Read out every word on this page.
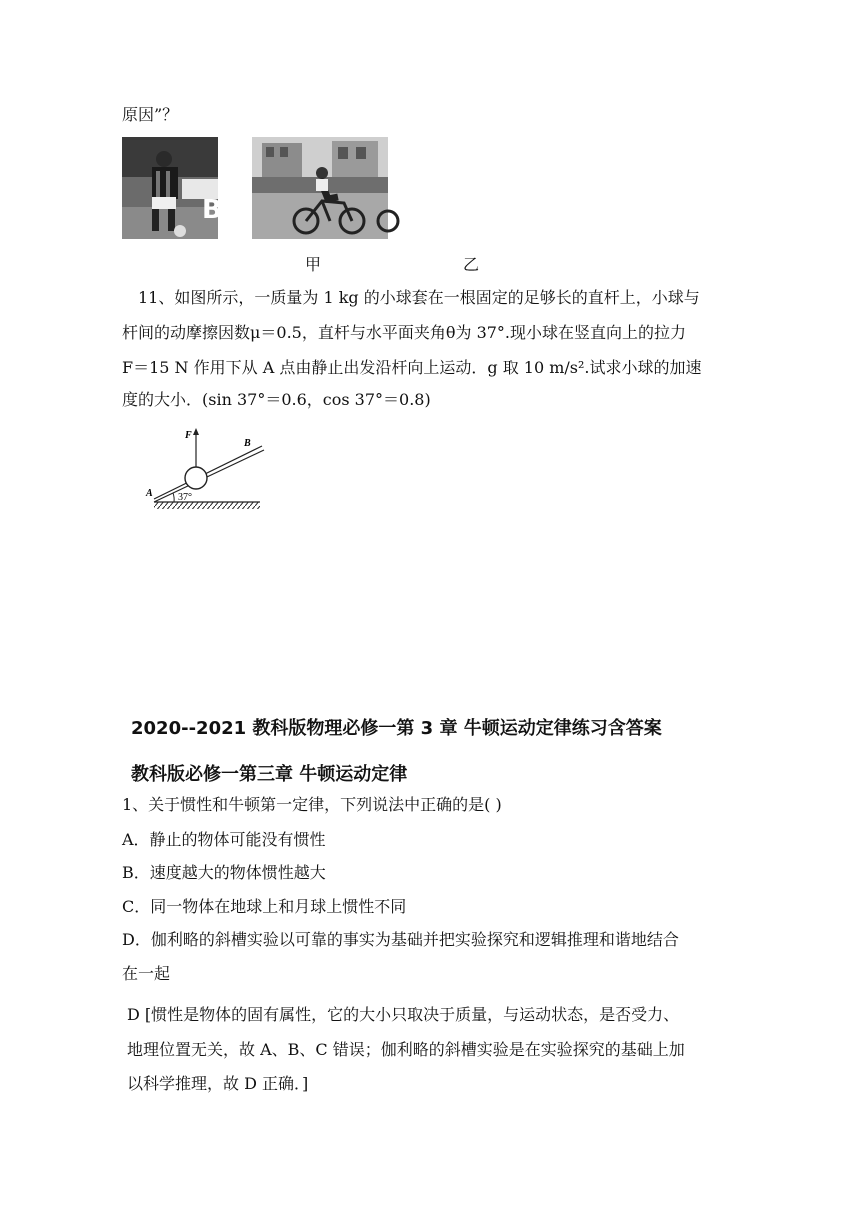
原因”？
B
甲	乙
11、如图所示，一质量为 1 kg 的小球套在一根固定的足够长的直杆上，小球与
杆间的动摩擦因数μ＝0.5，直杆与水平面夹角θ为 37°.现小球在竖直向上的拉力
F＝15 N 作用下从 A 点由静止出发沿杆向上运动．g 取 10 m/s².试求小球的加速
度的大小．(sin 37°＝0.6，cos 37°＝0.8)
F
B
A	37°
2020--2021 教科版物理必修一第 3 章 牛顿运动定律练习含答案
教科版必修一第三章 牛顿运动定律
1、关于惯性和牛顿第一定律，下列说法中正确的是( )
A．静止的物体可能没有惯性
B．速度越大的物体惯性越大
C．同一物体在地球上和月球上惯性不同
D．伽利略的斜槽实验以可靠的事实为基础并把实验探究和逻辑推理和谐地结合
在一起
D [惯性是物体的固有属性，它的大小只取决于质量，与运动状态，是否受力、
地理位置无关，故 A、B、C 错误；伽利略的斜槽实验是在实验探究的基础上加
以科学推理，故 D 正确．]
